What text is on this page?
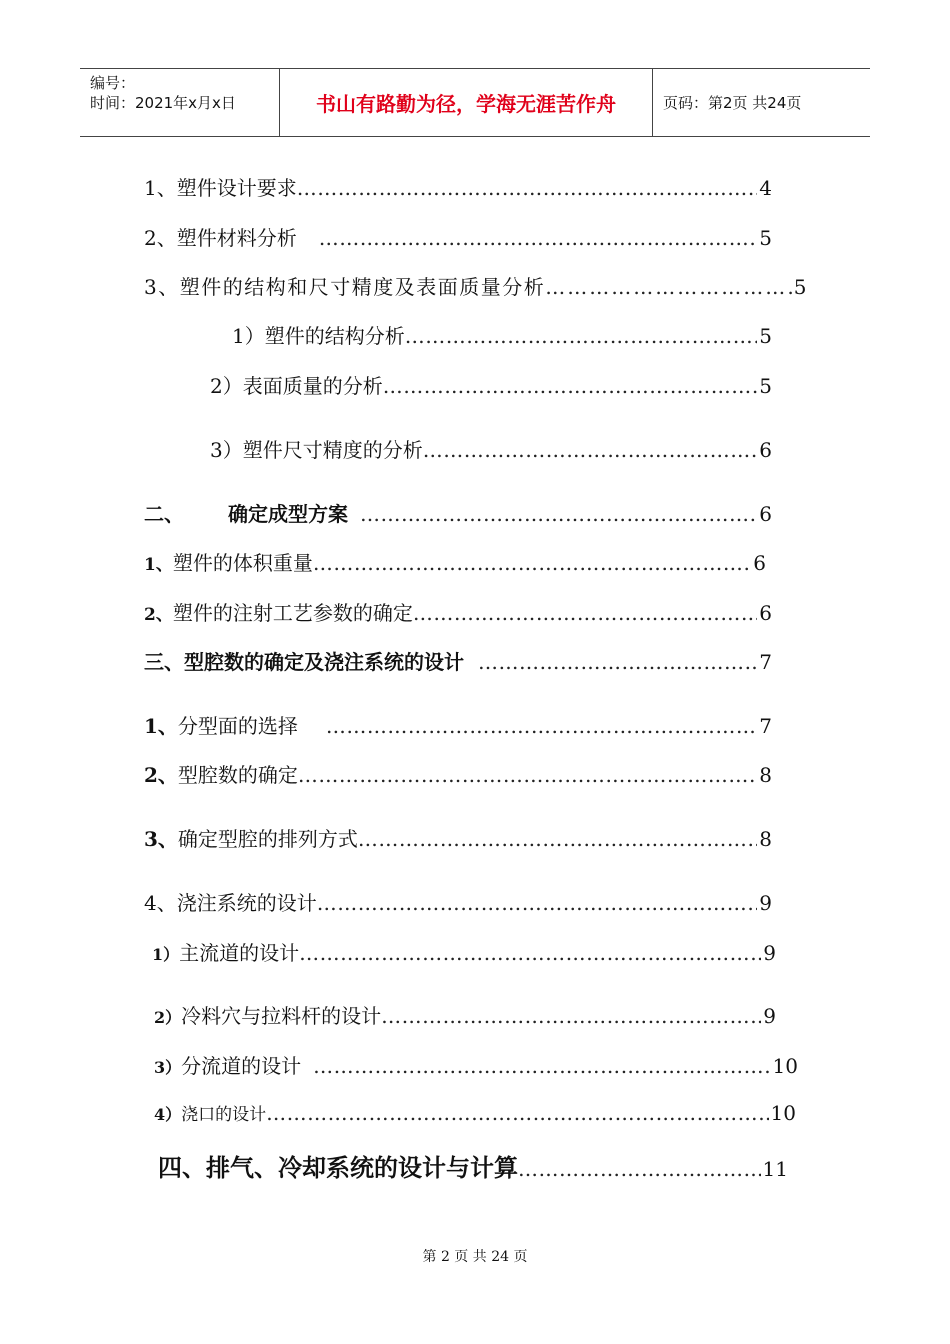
编号：
时间：2021年x月x日	书山有路勤为径，学海无涯苦作舟	页码：第2页 共24页
1、 塑件设计要求 ………………………………………………………………………………………………………………………………………	4
2、 塑件材料分析 ………………………………………………………………………………………………………………………………………	5
3、 塑件的结构和尺寸精度及表面质量分析 ………………………………………………………………………………………………………………………………………	5
1） 塑件的结构分析 ………………………………………………………………………………………………………………………………………	5
2） 表面质量的分析 ………………………………………………………………………………………………………………………………………	5
3） 塑件尺寸精度的分析 ………………………………………………………………………………………………………………………………………	6
二、 确定成型方案 ………………………………………………………………………………………………………………………………………	6
1、 塑件的体积重量 ………………………………………………………………………………………………………………………………………	6
2、 塑件的注射工艺参数的确定 ………………………………………………………………………………………………………………………………………	6
三、 型腔数的确定及浇注系统的设计 ………………………………………………………………………………………………………………………………………	7
1、 分型面的选择 ………………………………………………………………………………………………………………………………………	7
2、 型腔数的确定 ………………………………………………………………………………………………………………………………………	8
3、 确定型腔的排列方式 ………………………………………………………………………………………………………………………………………	8
4、 浇注系统的设计 ………………………………………………………………………………………………………………………………………	9
1） 主流道的设计 ………………………………………………………………………………………………………………………………………	9
2） 冷料穴与拉料杆的设计 ………………………………………………………………………………………………………………………………………	9
3） 分流道的设计 ………………………………………………………………………………………………………………………………………	10
4） 浇口的设计 ………………………………………………………………………………………………………………………………………	10
四、 排气、冷却系统的设计与计算 ………………………………………………………………………………………………………………………………………	11
第 2 页 共 24 页
